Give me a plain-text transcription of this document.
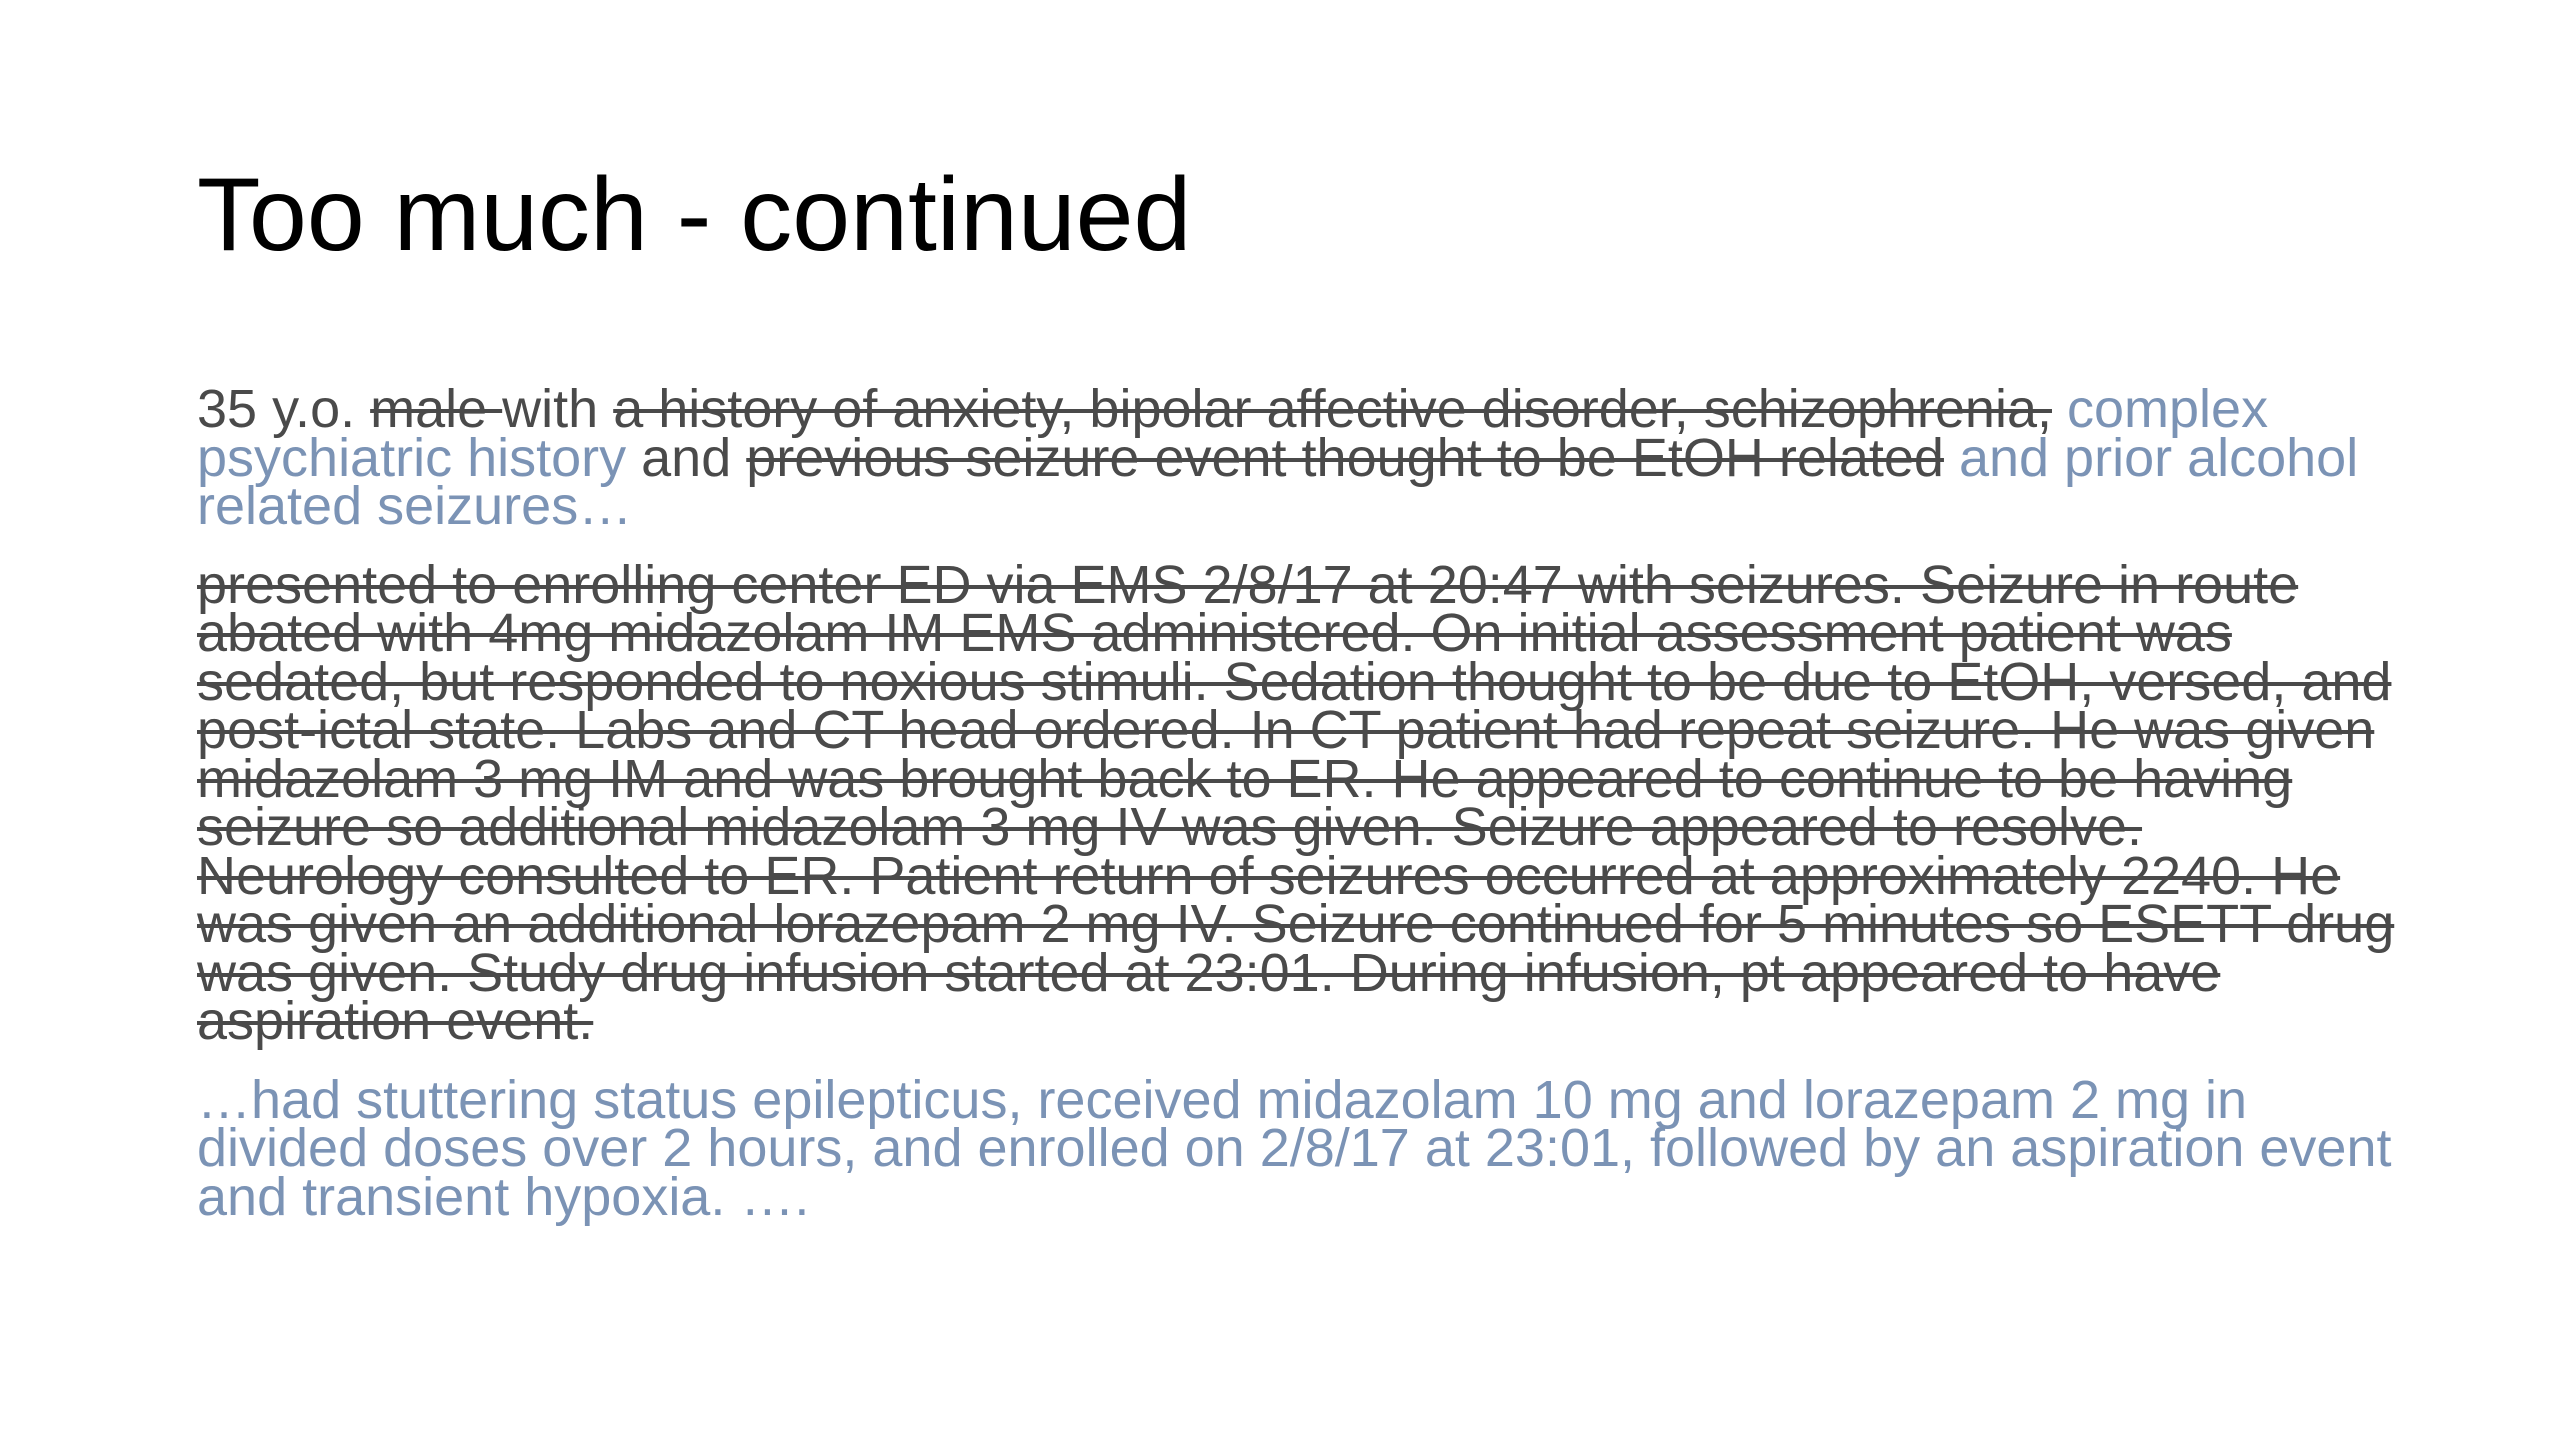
Too much - continued

35 y.o. male with a history of anxiety, bipolar affective disorder, schizophrenia, complex psychiatric history and previous seizure event thought to be EtOH related and prior alcohol related seizures…

presented to enrolling center ED via EMS 2/8/17 at 20:47 with seizures. Seizure in route abated with 4mg midazolam IM EMS administered. On initial assessment patient was sedated, but responded to noxious stimuli. Sedation thought to be due to EtOH, versed, and post-ictal state. Labs and CT head ordered. In CT patient had repeat seizure. He was given midazolam 3 mg IM and was brought back to ER. He appeared to continue to be having seizure so additional midazolam 3 mg IV was given. Seizure appeared to resolve. Neurology consulted to ER. Patient return of seizures occurred at approximately 2240. He was given an additional lorazepam 2 mg IV. Seizure continued for 5 minutes so ESETT drug was given. Study drug infusion started at 23:01. During infusion, pt appeared to have aspiration event.

…had stuttering status epilepticus, received midazolam 10 mg and lorazepam 2 mg in divided doses over 2 hours, and enrolled on 2/8/17 at 23:01, followed by an aspiration event and transient hypoxia. ….
